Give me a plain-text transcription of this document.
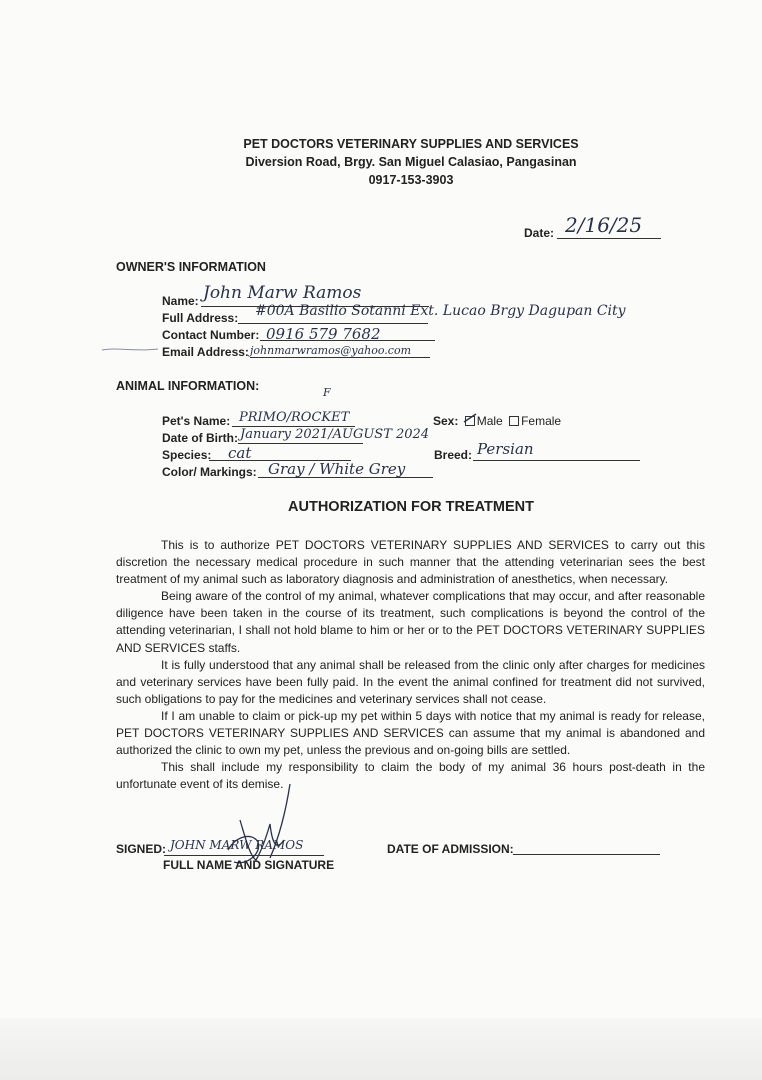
PET DOCTORS VETERINARY SUPPLIES AND SERVICES
Diversion Road, Brgy. San Miguel Calasiao, Pangasinan
0917-153-3903
Date: 2/16/25
OWNER'S INFORMATION
Name: John Marw Ramos
Full Address: #00A Basilio Sotanni Ext. Lucao Brgy Dagupan City
Contact Number: 0916 579 7682
Email Address: johnmarwramos@yahoo.com
ANIMAL INFORMATION:	F
Pet's Name: PRIMO/ROCKET	Sex: Male Female
Date of Birth: January 2021/AUGUST 2024
Species: cat	Breed: Persian
Color/ Markings: Gray / White Grey
AUTHORIZATION FOR TREATMENT

This is to authorize PET DOCTORS VETERINARY SUPPLIES AND SERVICES to carry out this discretion the necessary medical procedure in such manner that the attending veterinarian sees the best treatment of my animal such as laboratory diagnosis and administration of anesthetics, when necessary.

Being aware of the control of my animal, whatever complications that may occur, and after reasonable diligence have been taken in the course of its treatment, such complications is beyond the control of the attending veterinarian, I shall not hold blame to him or her or to the PET DOCTORS VETERINARY SUPPLIES AND SERVICES staffs.

It is fully understood that any animal shall be released from the clinic only after charges for medicines and veterinary services have been fully paid. In the event the animal confined for treatment did not survived, such obligations to pay for the medicines and veterinary services shall not cease.

If I am unable to claim or pick-up my pet within 5 days with notice that my animal is ready for release, PET DOCTORS VETERINARY SUPPLIES AND SERVICES can assume that my animal is abandoned and authorized the clinic to own my pet, unless the previous and on-going bills are settled.

This shall include my responsibility to claim the body of my animal 36 hours post-death in the unfortunate event of its demise.

SIGNED: JOHN MARW RAMOS
FULL NAME AND SIGNATURE
DATE OF ADMISSION:
